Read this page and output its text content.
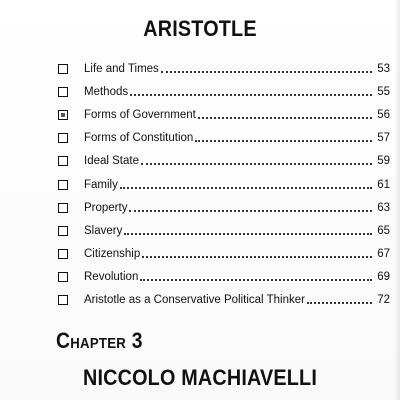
ARISTOTLE
Life and Times	53
Methods	55
Forms of Government	56
Forms of Constitution	57
Ideal State	59
Family	61
Property	63
Slavery	65
Citizenship	67
Revolution	69
Aristotle as a Conservative Political Thinker	72
Chapter 3
NICCOLO MACHIAVELLI
